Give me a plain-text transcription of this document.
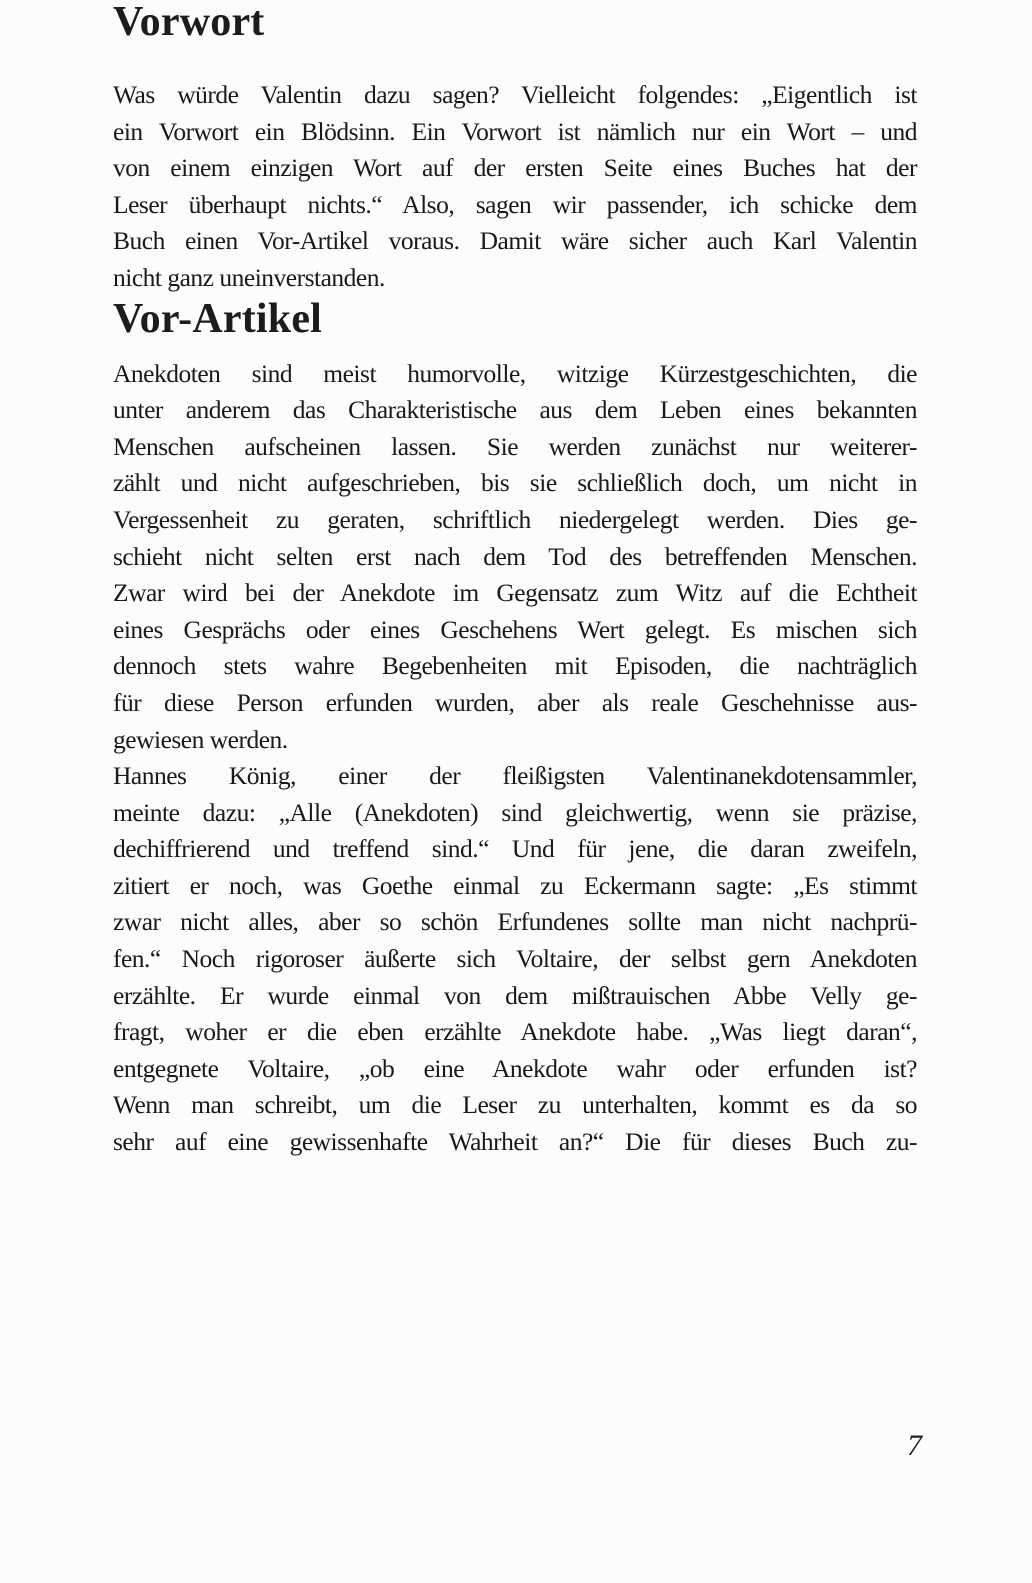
Vorwort
Was würde Valentin dazu sagen? Vielleicht folgendes: „Eigentlich ist
ein Vorwort ein Blödsinn. Ein Vorwort ist nämlich nur ein Wort – und
von einem einzigen Wort auf der ersten Seite eines Buches hat der
Leser überhaupt nichts.“ Also, sagen wir passender, ich schicke dem
Buch einen Vor-Artikel voraus. Damit wäre sicher auch Karl Valentin
nicht ganz uneinverstanden.
Vor-Artikel
Anekdoten sind meist humorvolle, witzige Kürzestgeschichten, die
unter anderem das Charakteristische aus dem Leben eines bekannten
Menschen aufscheinen lassen. Sie werden zunächst nur weiterer-
zählt und nicht aufgeschrieben, bis sie schließlich doch, um nicht in
Vergessenheit zu geraten, schriftlich niedergelegt werden. Dies ge-
schieht nicht selten erst nach dem Tod des betreffenden Menschen.
Zwar wird bei der Anekdote im Gegensatz zum Witz auf die Echtheit
eines Gesprächs oder eines Geschehens Wert gelegt. Es mischen sich
dennoch stets wahre Begebenheiten mit Episoden, die nachträglich
für diese Person erfunden wurden, aber als reale Geschehnisse aus-
gewiesen werden.
Hannes König, einer der fleißigsten Valentinanekdotensammler,
meinte dazu: „Alle (Anekdoten) sind gleichwertig, wenn sie präzise,
dechiffrierend und treffend sind.“ Und für jene, die daran zweifeln,
zitiert er noch, was Goethe einmal zu Eckermann sagte: „Es stimmt
zwar nicht alles, aber so schön Erfundenes sollte man nicht nachprü-
fen.“ Noch rigoroser äußerte sich Voltaire, der selbst gern Anekdoten
erzählte. Er wurde einmal von dem mißtrauischen Abbe Velly ge-
fragt, woher er die eben erzählte Anekdote habe. „Was liegt daran“,
entgegnete Voltaire, „ob eine Anekdote wahr oder erfunden ist?
Wenn man schreibt, um die Leser zu unterhalten, kommt es da so
sehr auf eine gewissenhafte Wahrheit an?“ Die für dieses Buch zu-
7
